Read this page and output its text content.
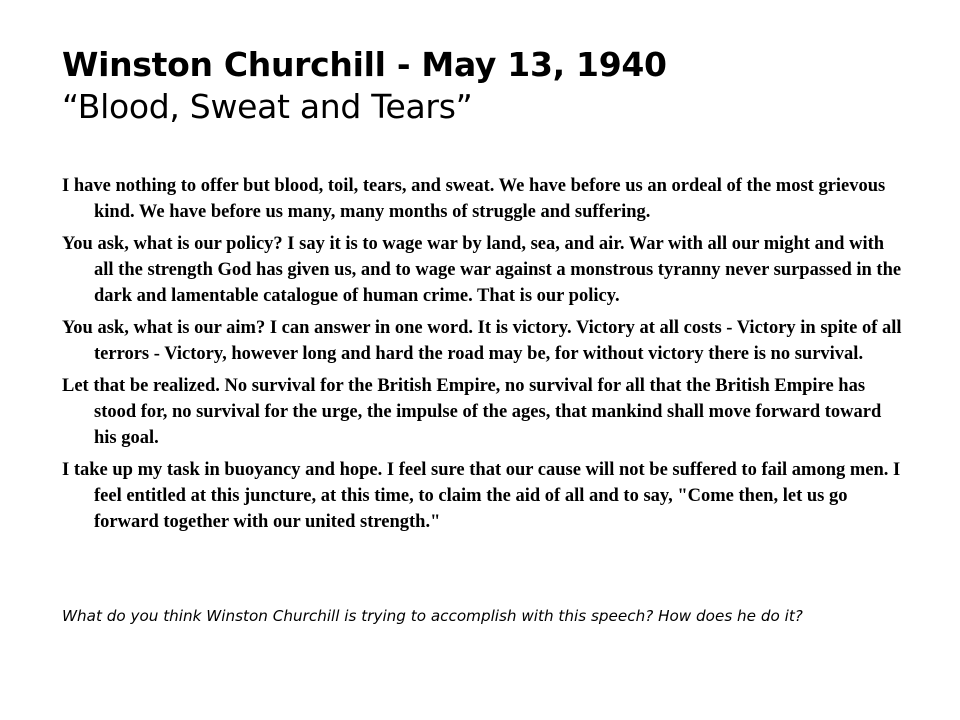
Winston Churchill - May 13, 1940
“Blood, Sweat and Tears”

I have nothing to offer but blood, toil, tears, and sweat. We have before us an ordeal of the most grievous kind. We have before us many, many months of struggle and suffering.

You ask, what is our policy? I say it is to wage war by land, sea, and air. War with all our might and with all the strength God has given us, and to wage war against a monstrous tyranny never surpassed in the dark and lamentable catalogue of human crime. That is our policy.

You ask, what is our aim? I can answer in one word. It is victory. Victory at all costs - Victory in spite of all terrors - Victory, however long and hard the road may be, for without victory there is no survival.

Let that be realized. No survival for the British Empire, no survival for all that the British Empire has stood for, no survival for the urge, the impulse of the ages, that mankind shall move forward toward his goal.

I take up my task in buoyancy and hope. I feel sure that our cause will not be suffered to fail among men. I feel entitled at this juncture, at this time, to claim the aid of all and to say, "Come then, let us go forward together with our united strength."

What do you think Winston Churchill is trying to accomplish with this speech? How does he do it?
